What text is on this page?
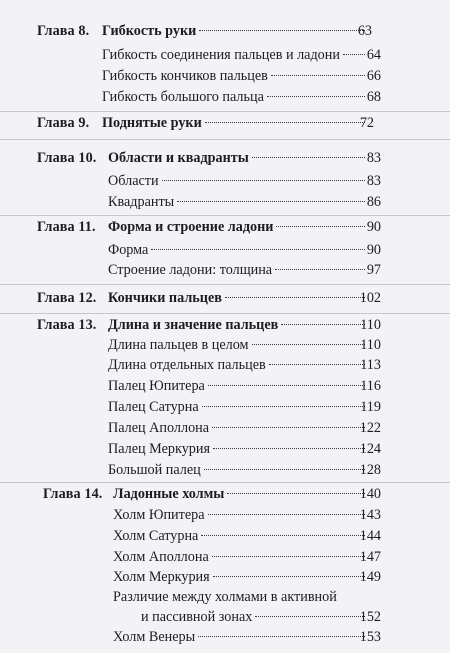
Глава 8. Гибкость руки	63
Гибкость соединения пальцев и ладони	64
Гибкость кончиков пальцев	66
Гибкость большого пальца	68
Глава 9. Поднятые руки	72
Глава 10. Области и квадранты	83
Области	83
Квадранты	86
Глава 11. Форма и строение ладони	90
Форма	90
Строение ладони: толщина	97
Глава 12. Кончики пальцев	102
Глава 13. Длина и значение пальцев	110
Длина пальцев в целом	110
Длина отдельных пальцев	113
Палец Юпитера	116
Палец Сатурна	119
Палец Аполлона	122
Палец Меркурия	124
Большой палец	128
Глава 14. Ладонные холмы	140
Холм Юпитера	143
Холм Сатурна	144
Холм Аполлона	147
Холм Меркурия	149
Различие между холмами в активной
и пассивной зонах	152
Холм Венеры	153
